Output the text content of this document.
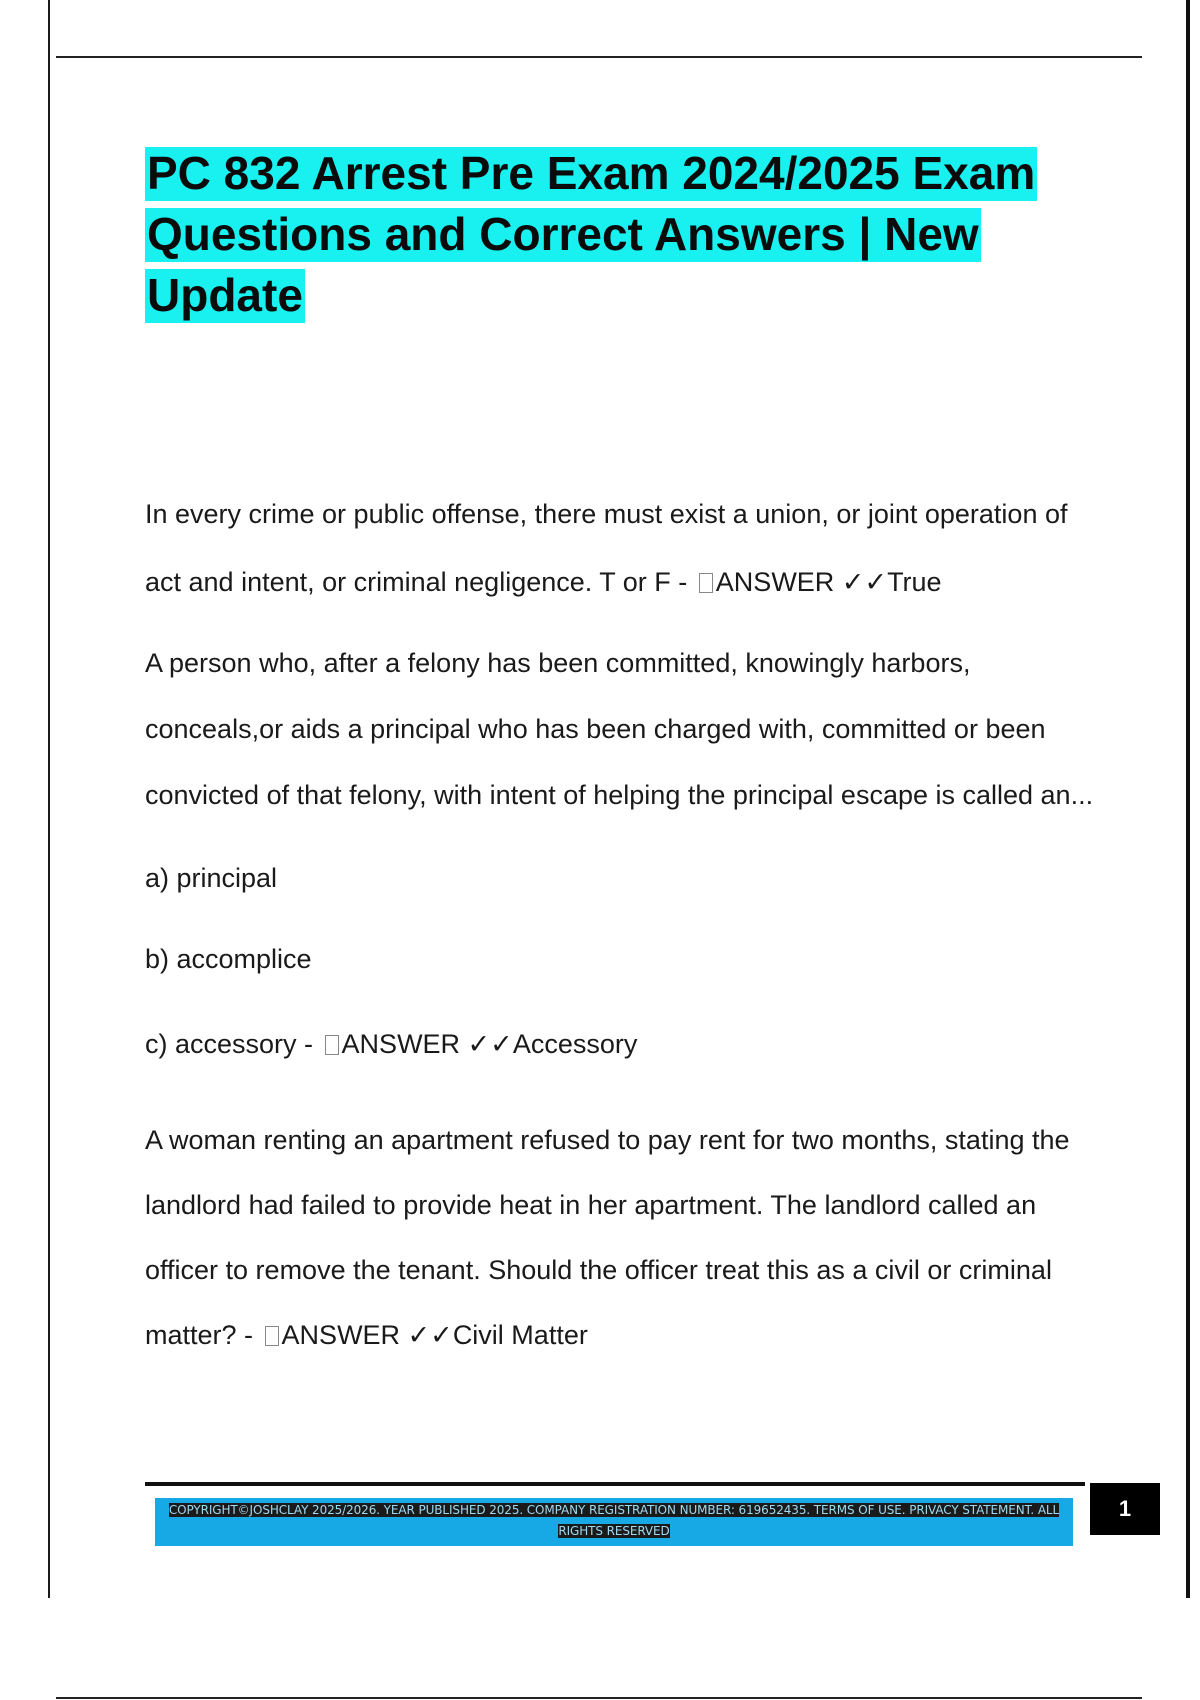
PC 832 Arrest Pre Exam 2024/2025 Exam Questions and Correct Answers | New Update

In every crime or public offense, there must exist a union, or joint operation of act and intent, or criminal negligence. T or F - ANSWER ✓✓True

A person who, after a felony has been committed, knowingly harbors, conceals,or aids a principal who has been charged with, committed or been convicted of that felony, with intent of helping the principal escape is called an...

a) principal

b) accomplice

c) accessory - ANSWER ✓✓Accessory

A woman renting an apartment refused to pay rent for two months, stating the landlord had failed to provide heat in her apartment. The landlord called an officer to remove the tenant. Should the officer treat this as a civil or criminal matter? - ANSWER ✓✓Civil Matter

COPYRIGHT©JOSHCLAY 2025/2026. YEAR PUBLISHED 2025. COMPANY REGISTRATION NUMBER: 619652435. TERMS OF USE. PRIVACY STATEMENT. ALL RIGHTS RESERVED
1
